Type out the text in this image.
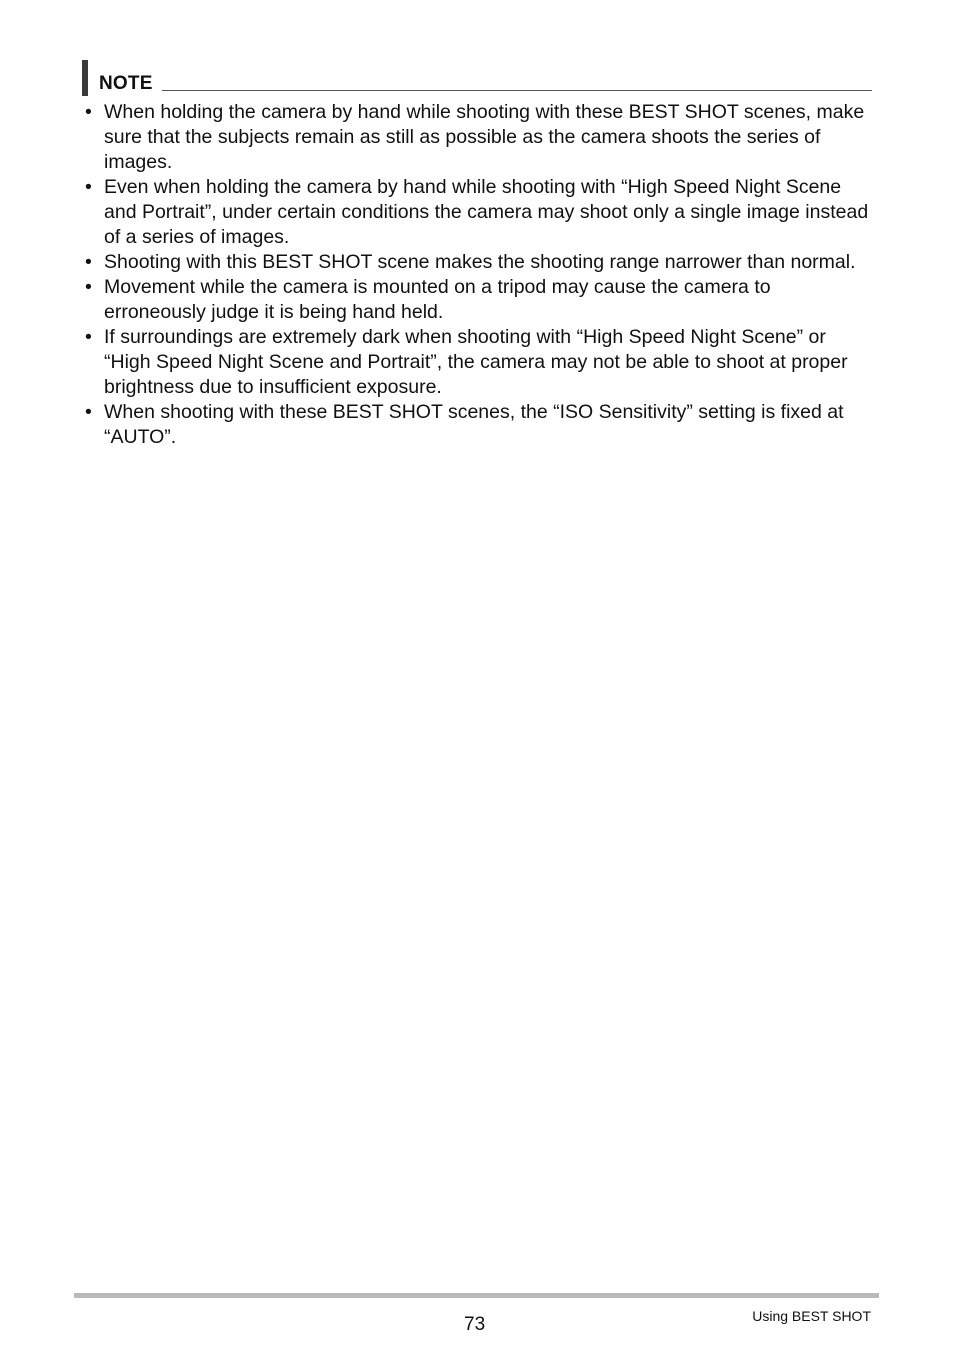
NOTE
• When holding the camera by hand while shooting with these BEST SHOT scenes, make sure that the subjects remain as still as possible as the camera shoots the series of images.
• Even when holding the camera by hand while shooting with “High Speed Night Scene and Portrait”, under certain conditions the camera may shoot only a single image instead of a series of images.
• Shooting with this BEST SHOT scene makes the shooting range narrower than normal.
• Movement while the camera is mounted on a tripod may cause the camera to erroneously judge it is being hand held.
• If surroundings are extremely dark when shooting with “High Speed Night Scene” or “High Speed Night Scene and Portrait”, the camera may not be able to shoot at proper brightness due to insufficient exposure.
• When shooting with these BEST SHOT scenes, the “ISO Sensitivity” setting is fixed at “AUTO”.
73	Using BEST SHOT
